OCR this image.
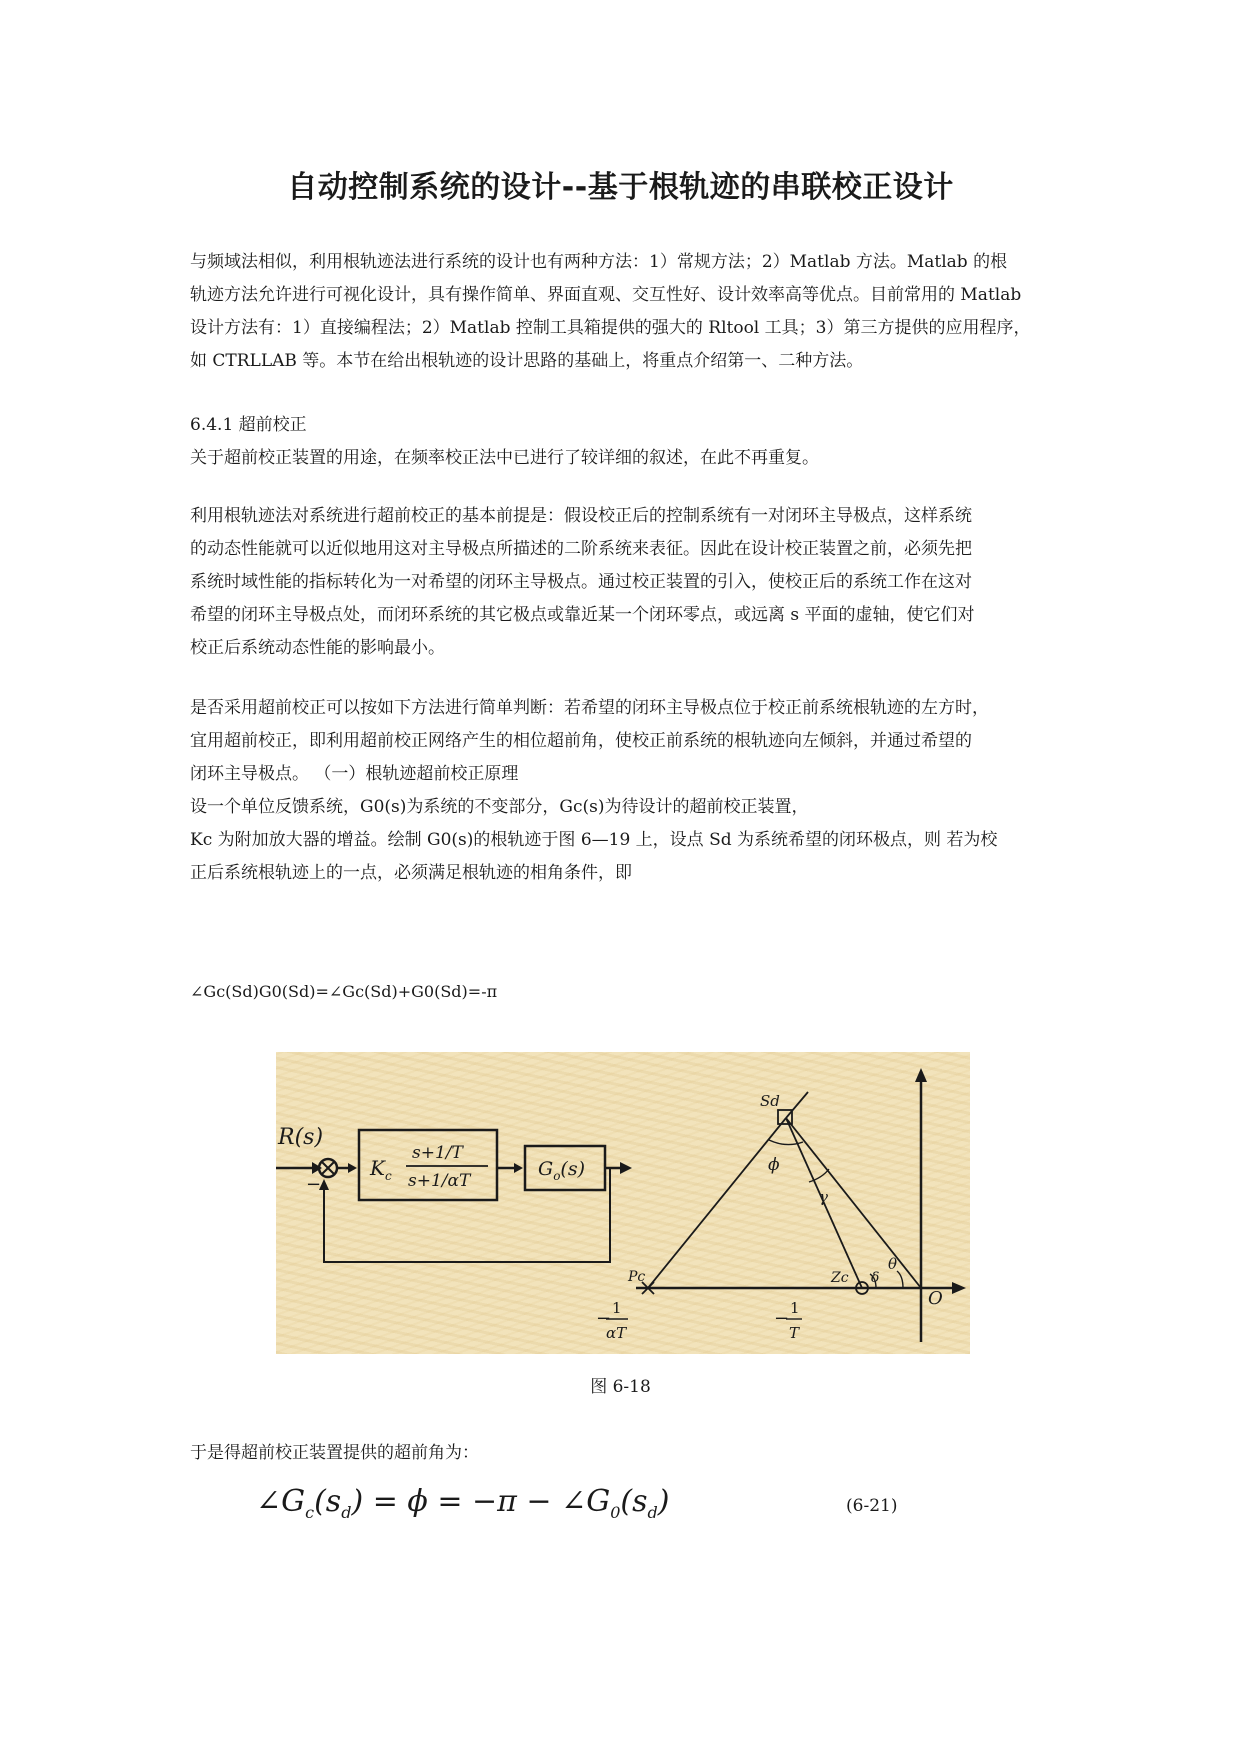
自动控制系统的设计--基于根轨迹的串联校正设计
与频域法相似，利用根轨迹法进行系统的设计也有两种方法：1）常规方法；2）Matlab 方法。Matlab 的根
轨迹方法允许进行可视化设计，具有操作简单、界面直观、交互性好、设计效率高等优点。目前常用的 Matlab
设计方法有：1）直接编程法；2）Matlab 控制工具箱提供的强大的 Rltool 工具；3）第三方提供的应用程序，
如 CTRLLAB 等。本节在给出根轨迹的设计思路的基础上，将重点介绍第一、二种方法。
6.4.1 超前校正
关于超前校正装置的用途，在频率校正法中已进行了较详细的叙述，在此不再重复。
利用根轨迹法对系统进行超前校正的基本前提是：假设校正后的控制系统有一对闭环主导极点，这样系统
的动态性能就可以近似地用这对主导极点所描述的二阶系统来表征。因此在设计校正装置之前，必须先把
系统时域性能的指标转化为一对希望的闭环主导极点。通过校正装置的引入，使校正后的系统工作在这对
希望的闭环主导极点处，而闭环系统的其它极点或靠近某一个闭环零点，或远离 s 平面的虚轴，使它们对
校正后系统动态性能的影响最小。
是否采用超前校正可以按如下方法进行简单判断：若希望的闭环主导极点位于校正前系统根轨迹的左方时，
宜用超前校正，即利用超前校正网络产生的相位超前角，使校正前系统的根轨迹向左倾斜，并通过希望的
闭环主导极点。 （一）根轨迹超前校正原理
设一个单位反馈系统，G0(s)为系统的不变部分，Gc(s)为待设计的超前校正装置，
Kc 为附加放大器的增益。绘制 G0(s)的根轨迹于图 6—19 上，设点 Sd 为系统希望的闭环极点，则 若为校
正后系统根轨迹上的一点，必须满足根轨迹的相角条件，即
∠Gc(Sd)G0(Sd)=∠Gc(Sd)+G0(Sd)=-π
R(s)
−
$K_c$
s+1/T
s+1/αT
$G_o(s)$
O
Sd
ϕ
γ
δ
θ
Pc	Zc
− 1
αT
− 1
T
图 6-18
于是得超前校正装置提供的超前角为：
$\angle G_c(s_d) = \phi = -\pi$ − $\angle G_0(s_d)$	(6-21)
